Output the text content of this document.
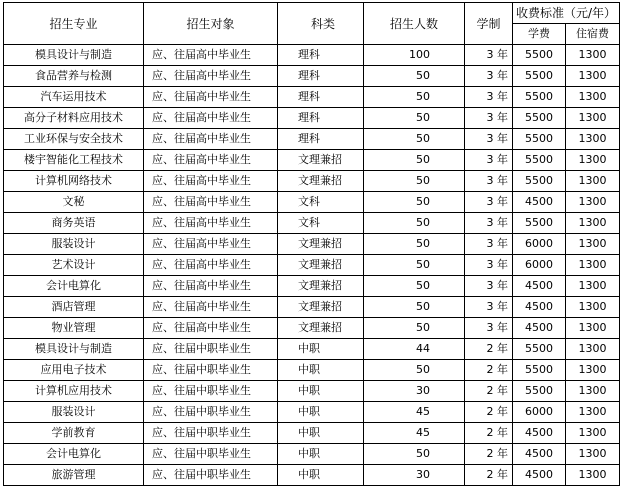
招生专业	招生对象	科类	招生人数	学制	收费标准（元/年）	
					学费	住宿费
模具设计与制造	应、往届高中毕业生	理科	100	3 年	5500	1300
食品营养与检测	应、往届高中毕业生	理科	50	3 年	5500	1300
汽车运用技术	应、往届高中毕业生	理科	50	3 年	5500	1300
高分子材料应用技术	应、往届高中毕业生	理科	50	3 年	5500	1300
工业环保与安全技术	应、往届高中毕业生	理科	50	3 年	5500	1300
楼宇智能化工程技术	应、往届高中毕业生	文理兼招	50	3 年	5500	1300
计算机网络技术	应、往届高中毕业生	文理兼招	50	3 年	5500	1300
文秘	应、往届高中毕业生	文科	50	3 年	4500	1300
商务英语	应、往届高中毕业生	文科	50	3 年	5500	1300
服装设计	应、往届高中毕业生	文理兼招	50	3 年	6000	1300
艺术设计	应、往届高中毕业生	文理兼招	50	3 年	6000	1300
会计电算化	应、往届高中毕业生	文理兼招	50	3 年	4500	1300
酒店管理	应、往届高中毕业生	文理兼招	50	3 年	4500	1300
物业管理	应、往届高中毕业生	文理兼招	50	3 年	4500	1300
模具设计与制造	应、往届中职毕业生	中职	44	2 年	5500	1300
应用电子技术	应、往届中职毕业生	中职	50	2 年	5500	1300
计算机应用技术	应、往届中职毕业生	中职	30	2 年	5500	1300
服装设计	应、往届中职毕业生	中职	45	2 年	6000	1300
学前教育	应、往届中职毕业生	中职	45	2 年	4500	1300
会计电算化	应、往届中职毕业生	中职	50	2 年	4500	1300
旅游管理	应、往届中职毕业生	中职	30	2 年	4500	1300
